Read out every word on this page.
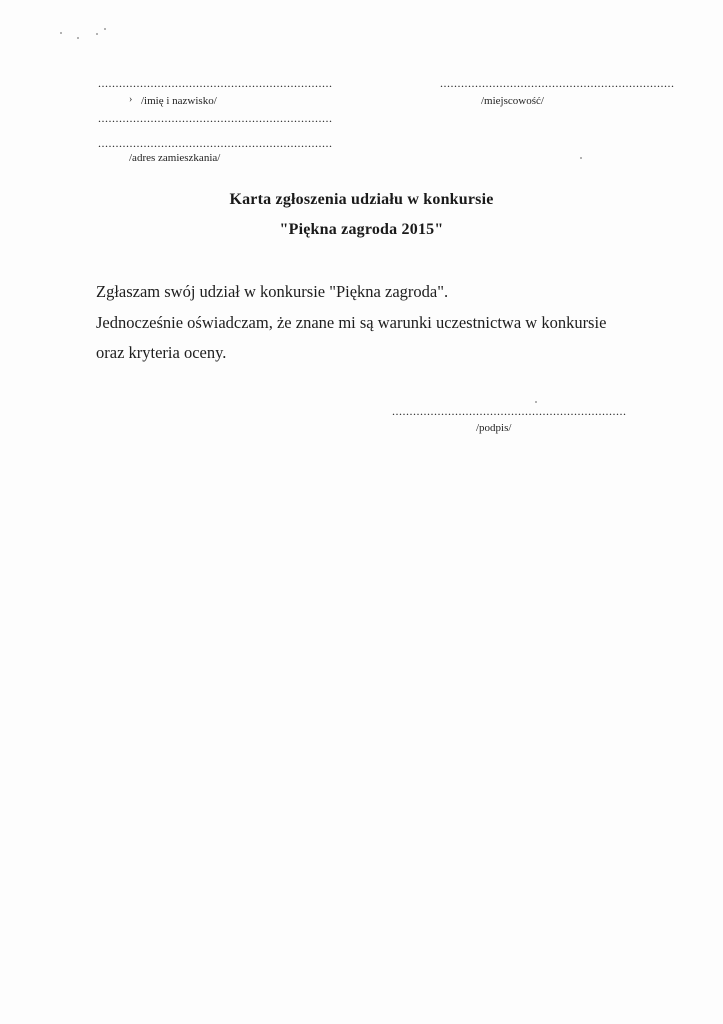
...................................................................
› /imię i nazwisko/
...................................................................
/miejscowość/
...................................................................
...................................................................
/adres zamieszkania/
Karta zgłoszenia udziału w konkursie
"Piękna zagroda 2015"
Zgłaszam swój udział w konkursie "Piękna zagroda".
Jednocześnie oświadczam, że znane mi są warunki uczestnictwa w konkursie
oraz kryteria oceny.
...................................................................
/podpis/
